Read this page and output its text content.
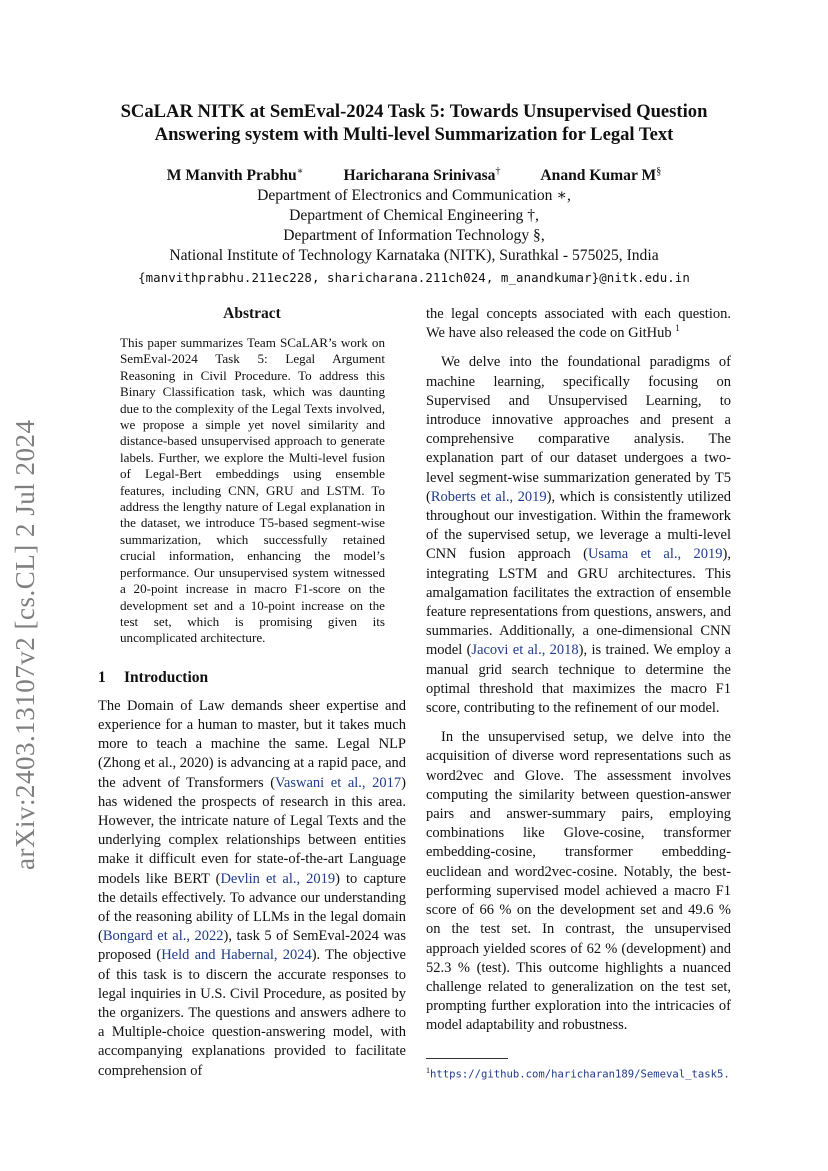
arXiv:2403.13107v2 [cs.CL] 2 Jul 2024
SCaLAR NITK at SemEval-2024 Task 5: Towards Unsupervised Question
Answering system with Multi-level Summarization for Legal Text
M Manvith Prabhu∗	Haricharana Srinivasa†	Anand Kumar M§
Department of Electronics and Communication ∗,
Department of Chemical Engineering †,
Department of Information Technology §,
National Institute of Technology Karnataka (NITK), Surathkal - 575025, India
{manvithprabhu.211ec228, sharicharana.211ch024, m_anandkumar}@nitk.edu.in
Abstract
This paper summarizes Team SCaLAR’s work on SemEval-2024 Task 5: Legal Argument Reasoning in Civil Procedure. To address this Binary Classification task, which was daunting due to the complexity of the Legal Texts involved, we propose a simple yet novel similarity and distance-based unsupervised approach to generate labels. Further, we explore the Multi-level fusion of Legal-Bert embeddings using ensemble features, including CNN, GRU and LSTM. To address the lengthy nature of Legal explanation in the dataset, we introduce T5-based segment-wise summarization, which successfully retained crucial information, enhancing the model’s performance. Our unsupervised system witnessed a 20-point increase in macro F1-score on the development set and a 10-point increase on the test set, which is promising given its uncomplicated architecture.
1 Introduction

The Domain of Law demands sheer expertise and experience for a human to master, but it takes much more to teach a machine the same. Legal NLP (Zhong et al., 2020) is advancing at a rapid pace, and the advent of Transformers (Vaswani et al., 2017) has widened the prospects of research in this area. However, the intricate nature of Legal Texts and the underlying complex relationships between entities make it difficult even for state-of-the-art Language models like BERT (Devlin et al., 2019) to capture the details effectively. To advance our understanding of the reasoning ability of LLMs in the legal domain (Bongard et al., 2022), task 5 of SemEval-2024 was proposed (Held and Habernal, 2024). The objective of this task is to discern the accurate responses to legal inquiries in U.S. Civil Procedure, as posited by the organizers. The questions and answers adhere to a Multiple-choice question-answering model, with accompanying explanations provided to facilitate comprehension of

the legal concepts associated with each question. We have also released the code on GitHub $^1$

We delve into the foundational paradigms of machine learning, specifically focusing on Supervised and Unsupervised Learning, to introduce innovative approaches and present a comprehensive comparative analysis. The explanation part of our dataset undergoes a two-level segment-wise summarization generated by T5 (Roberts et al., 2019), which is consistently utilized throughout our investigation. Within the framework of the supervised setup, we leverage a multi-level CNN fusion approach (Usama et al., 2019), integrating LSTM and GRU architectures. This amalgamation facilitates the extraction of ensemble feature representations from questions, answers, and summaries. Additionally, a one-dimensional CNN model (Jacovi et al., 2018), is trained. We employ a manual grid search technique to determine the optimal threshold that maximizes the macro F1 score, contributing to the refinement of our model.

In the unsupervised setup, we delve into the acquisition of diverse word representations such as word2vec and Glove. The assessment involves computing the similarity between question-answer pairs and answer-summary pairs, employing combinations like Glove-cosine, transformer embedding-cosine, transformer embedding-euclidean and word2vec-cosine. Notably, the best-performing supervised model achieved a macro F1 score of 66 % on the development set and 49.6 % on the test set. In contrast, the unsupervised approach yielded scores of 62 % (development) and 52.3 % (test). This outcome highlights a nuanced challenge related to generalization on the test set, prompting further exploration into the intricacies of model adaptability and robustness.

$^1$https://github.com/haricharan189/Semeval_task5.
